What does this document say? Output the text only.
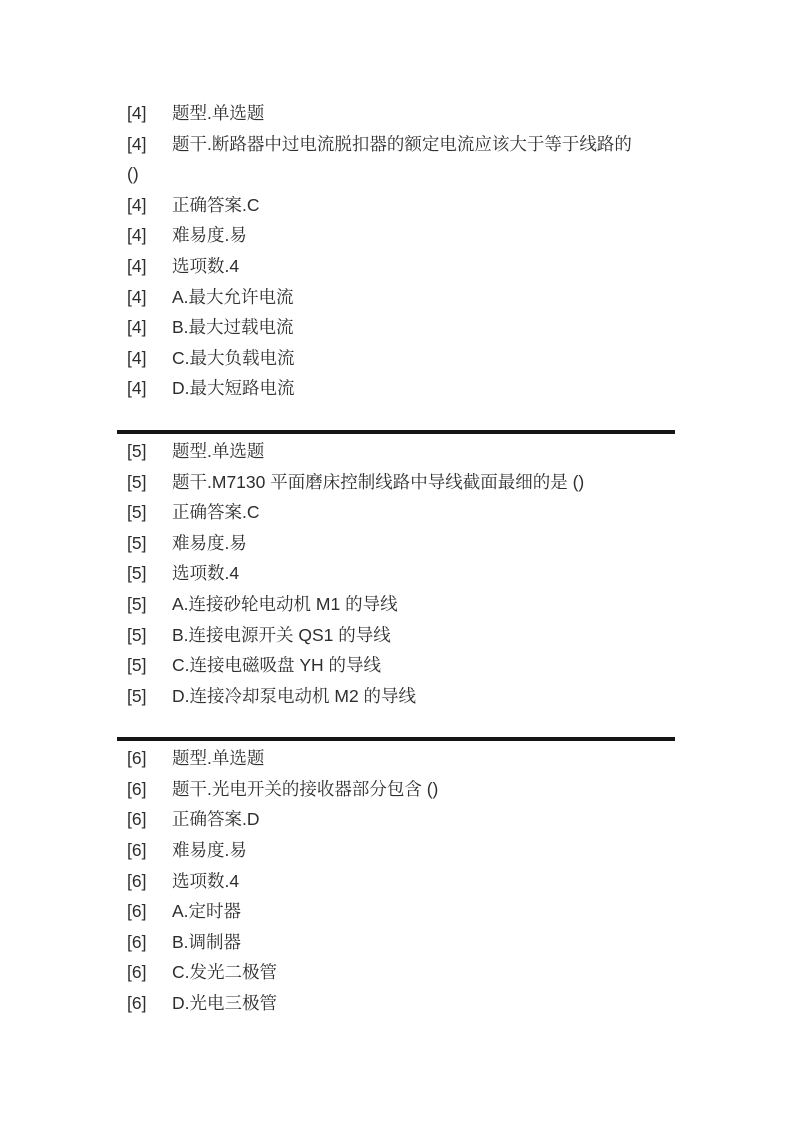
[4]	题型.单选题
[4]	题干.断路器中过电流脱扣器的额定电流应该大于等于线路的
()
[4]	正确答案.C
[4]	难易度.易
[4]	选项数.4
[4]	A.最大允许电流
[4]	B.最大过载电流
[4]	C.最大负载电流
[4]	D.最大短路电流
[5]	题型.单选题
[5]	题干.M7130 平面磨床控制线路中导线截面最细的是 ()
[5]	正确答案.C
[5]	难易度.易
[5]	选项数.4
[5]	A.连接砂轮电动机 M1 的导线
[5]	B.连接电源开关 QS1 的导线
[5]	C.连接电磁吸盘 YH 的导线
[5]	D.连接冷却泵电动机 M2 的导线
[6]	题型.单选题
[6]	题干.光电开关的接收器部分包含 ()
[6]	正确答案.D
[6]	难易度.易
[6]	选项数.4
[6]	A.定时器
[6]	B.调制器
[6]	C.发光二极管
[6]	D.光电三极管
